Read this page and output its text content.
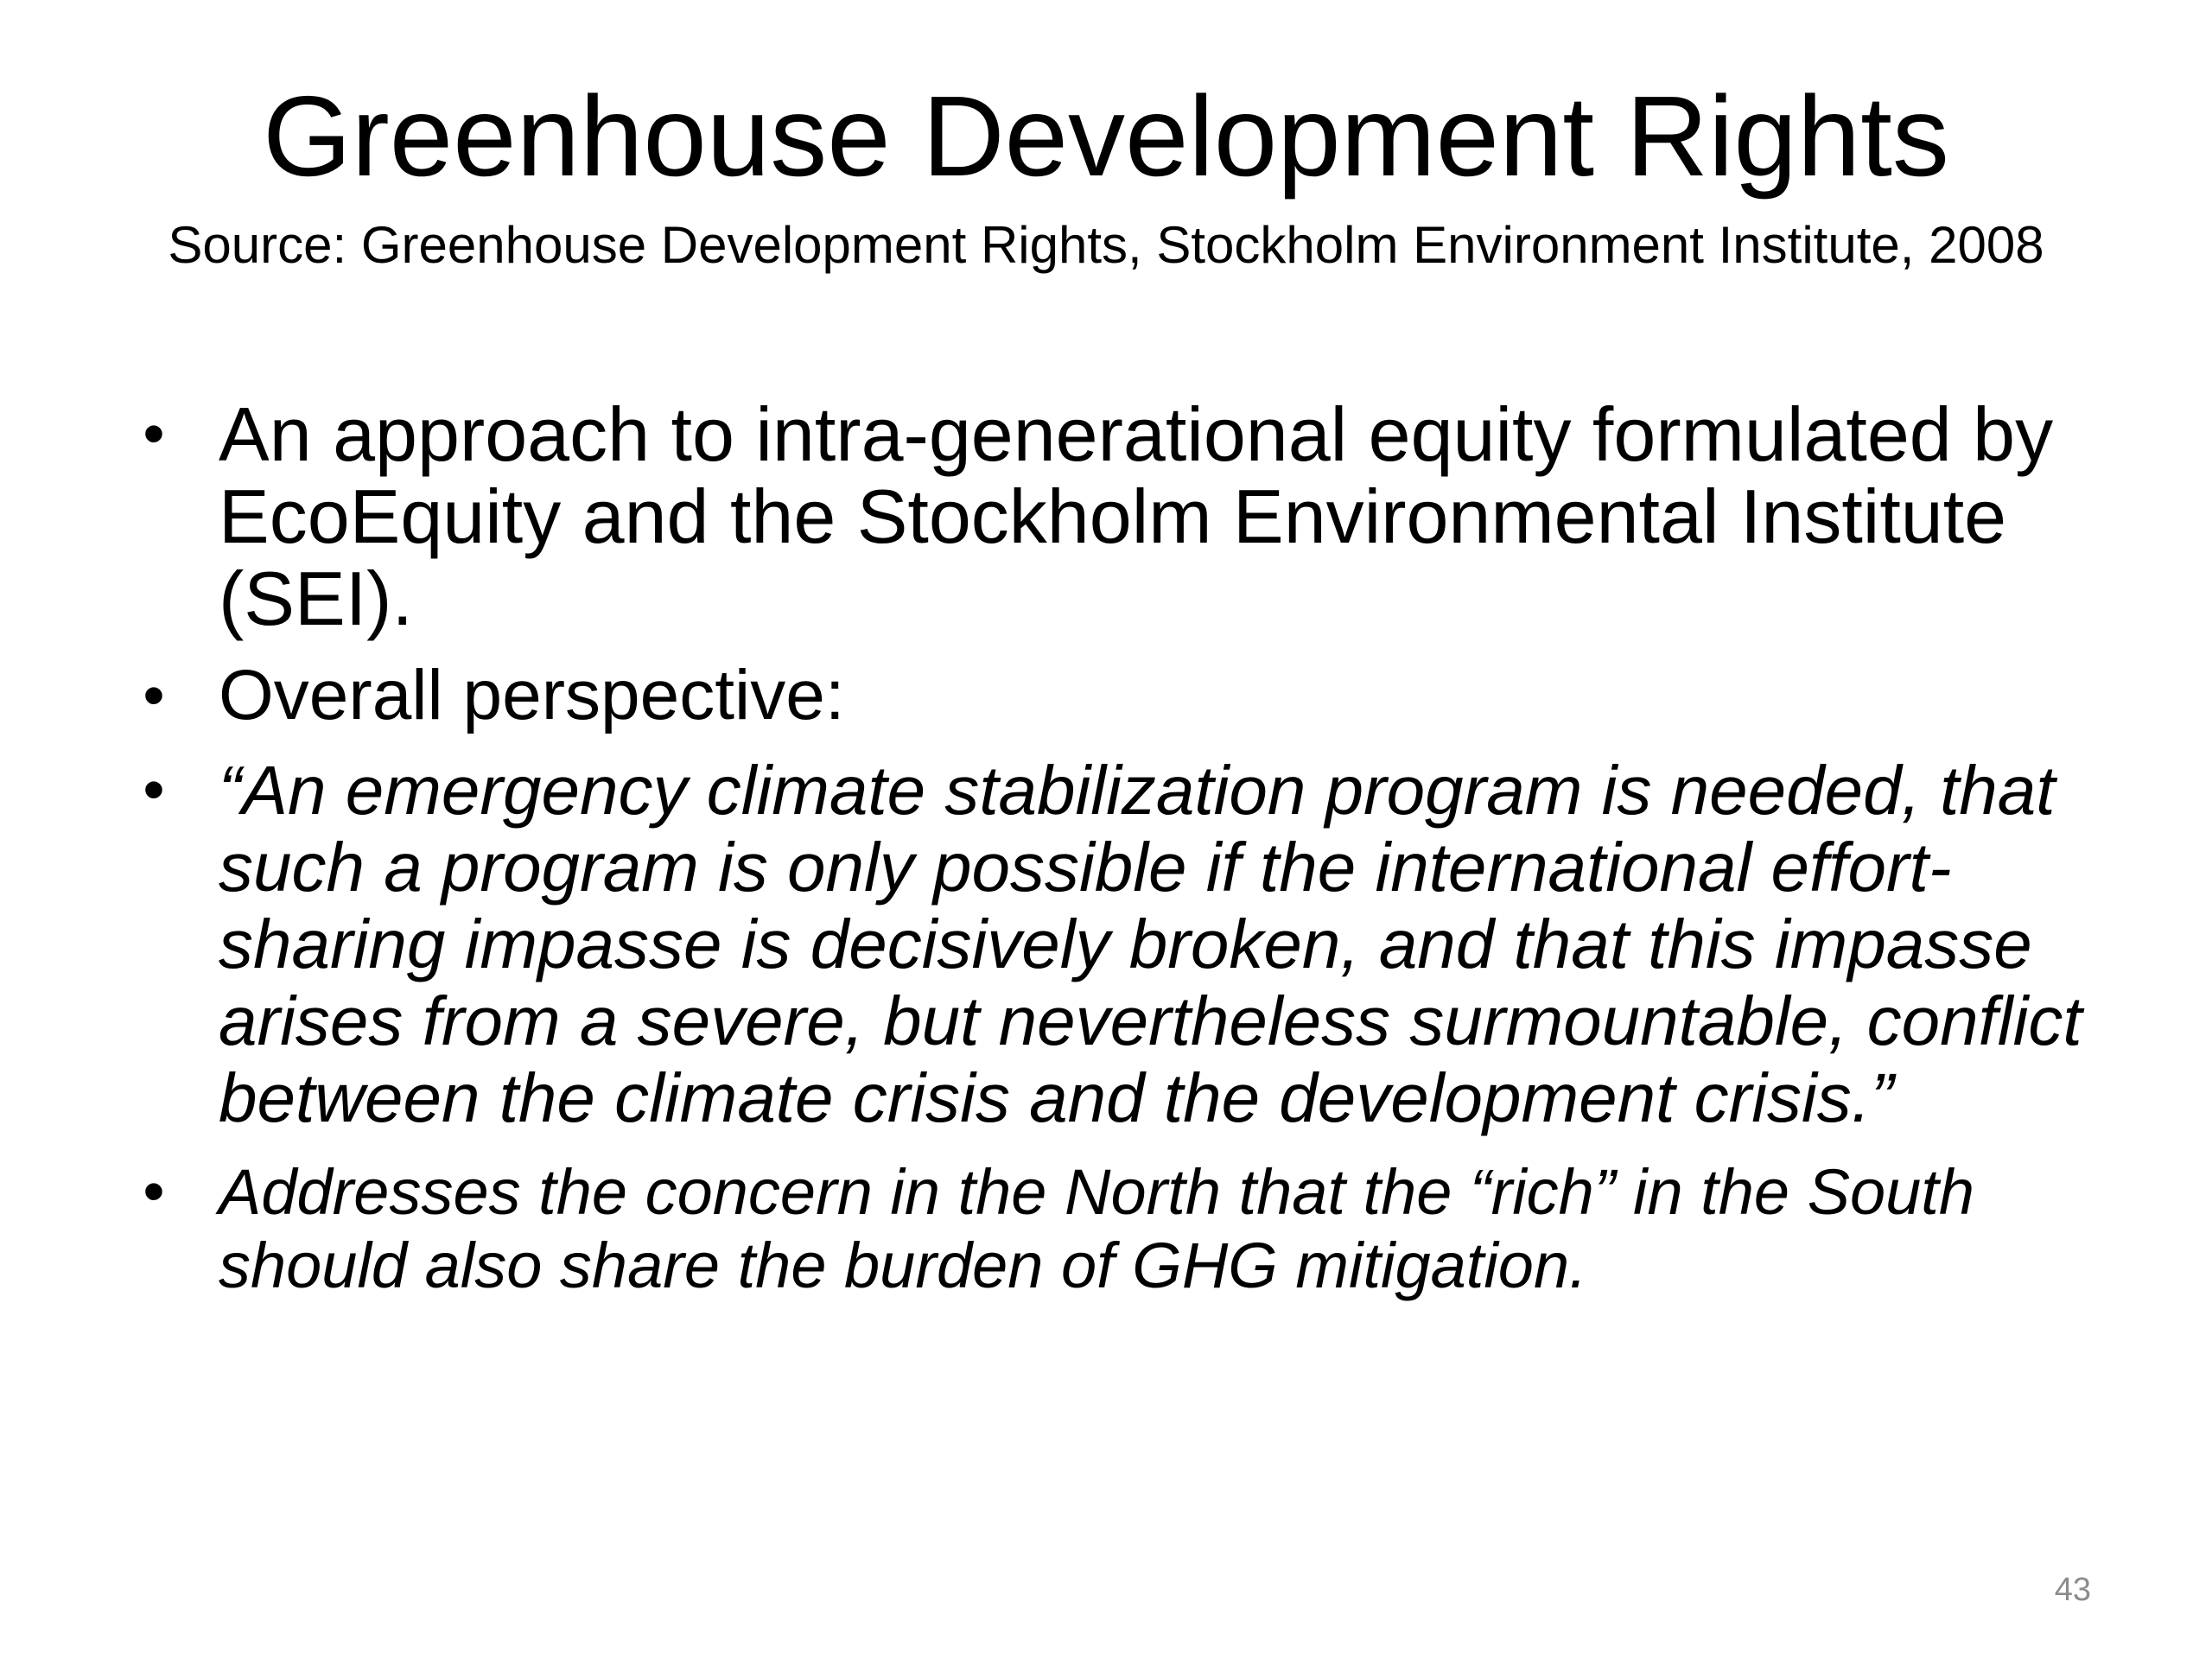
Greenhouse Development Rights

Source: Greenhouse Development Rights, Stockholm Environment Institute, 2008

• An approach to intra-generational equity formulated by EcoEquity and the Stockholm Environmental Institute (SEI).
• Overall perspective:
• “An emergency climate stabilization program is needed, that such a program is only possible if the international effort-sharing impasse is decisively broken, and that this impasse arises from a severe, but nevertheless surmountable, conflict between the climate crisis and the development crisis.”
• Addresses the concern in the North that the “rich” in the South should also share the burden of GHG mitigation.
43
